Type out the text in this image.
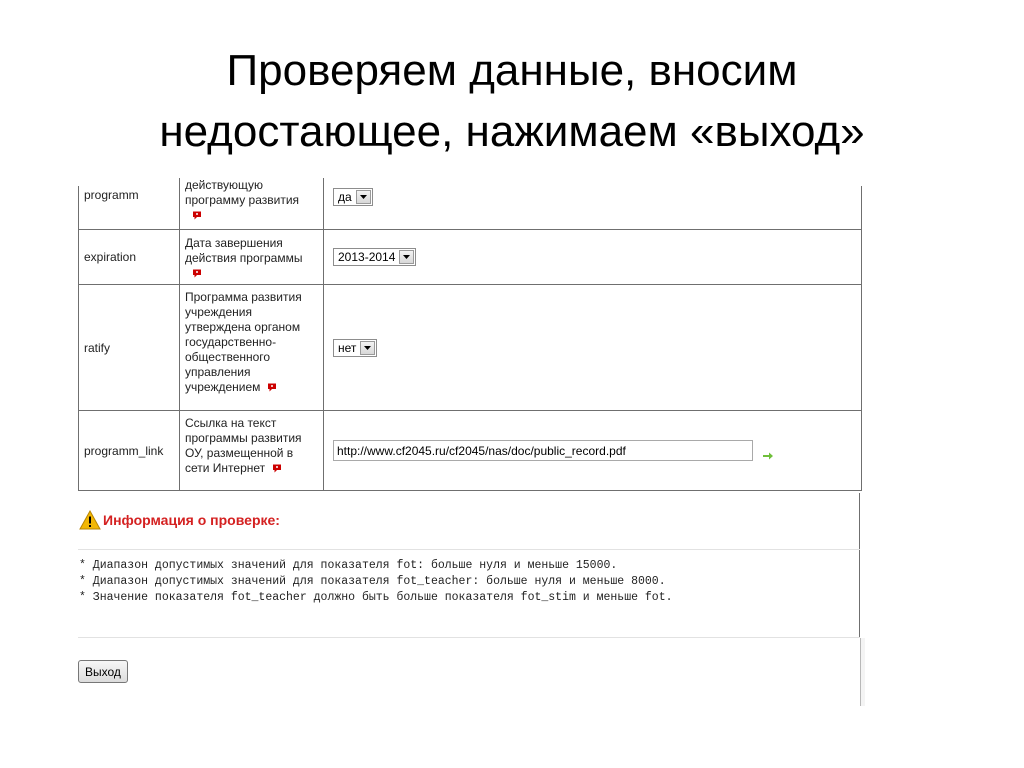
Проверяем данные, вносим
недостающее, нажимаем «выход»
programm
действующую программу развития	да
expiration
Дата завершения действия программы	2013-2014
ratify
Программа развития учреждения утверждена органом государственно-общественного управления учреждением
нет
programm_link
Ссылка на текст программы развития ОУ, размещенной в сети Интернет
http://www.cf2045.ru/cf2045/nas/doc/public_record.pdf
Информация о проверке:
* Диапазон допустимых значений для показателя fot: больше нуля и меньше 15000.
* Диапазон допустимых значений для показателя fot_teacher: больше нуля и меньше 8000.
* Значение показателя fot_teacher должно быть больше показателя fot_stim и меньше fot.
Выход
